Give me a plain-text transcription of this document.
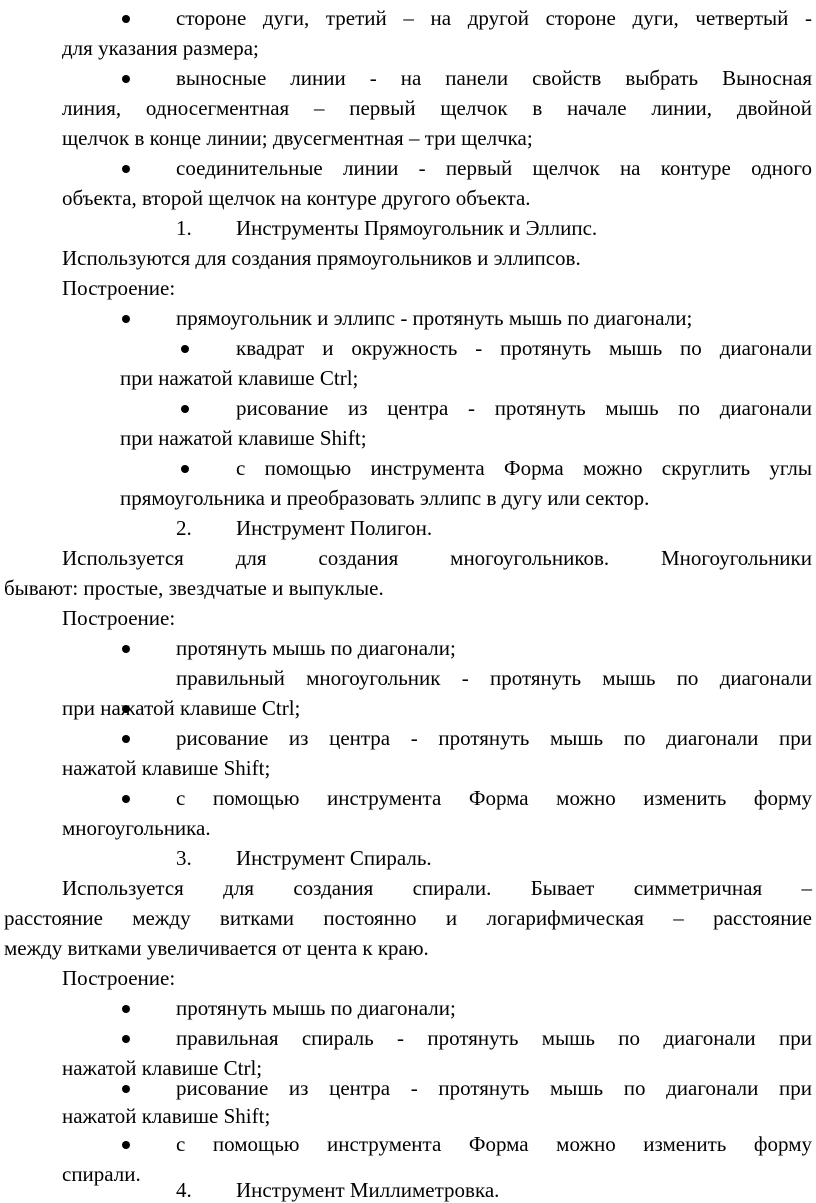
стороне дуги, третий – на другой стороне дуги, четвертый -
для указания размера;
выносные линии - на панели свойств выбрать Выносная
линия, односегментная – первый щелчок в начале линии, двойной
щелчок в конце линии; двусегментная – три щелчка;
соединительные линии - первый щелчок на контуре одного
объекта, второй щелчок на контуре другого объекта.
1. Инструменты Прямоугольник и Эллипс.
Используются для создания прямоугольников и эллипсов.
Построение:
прямоугольник и эллипс - протянуть мышь по диагонали;
квадрат и окружность - протянуть мышь по диагонали
при нажатой клавише Ctrl;
рисование из центра - протянуть мышь по диагонали
при нажатой клавише Shift;
с помощью инструмента Форма можно скруглить углы
прямоугольника и преобразовать эллипс в дугу или сектор.
2. Инструмент Полигон.
Используется для создания многоугольников. Многоугольники
бывают: простые, звездчатые и выпуклые.
Построение:
протянуть мышь по диагонали;
правильный многоугольник - протянуть мышь по диагонали
при нажатой клавише Ctrl;
рисование из центра - протянуть мышь по диагонали при
нажатой клавише Shift;
с помощью инструмента Форма можно изменить форму
многоугольника.
3. Инструмент Спираль.
Используется для создания спирали. Бывает симметричная –
расстояние между витками постоянно и логарифмическая – расстояние
между витками увеличивается от цента к краю.
Построение:
протянуть мышь по диагонали;
правильная спираль - протянуть мышь по диагонали при
нажатой клавише Ctrl;
рисование из центра - протянуть мышь по диагонали при
нажатой клавише Shift;
с помощью инструмента Форма можно изменить форму
спирали.
4. Инструмент Миллиметровка.
